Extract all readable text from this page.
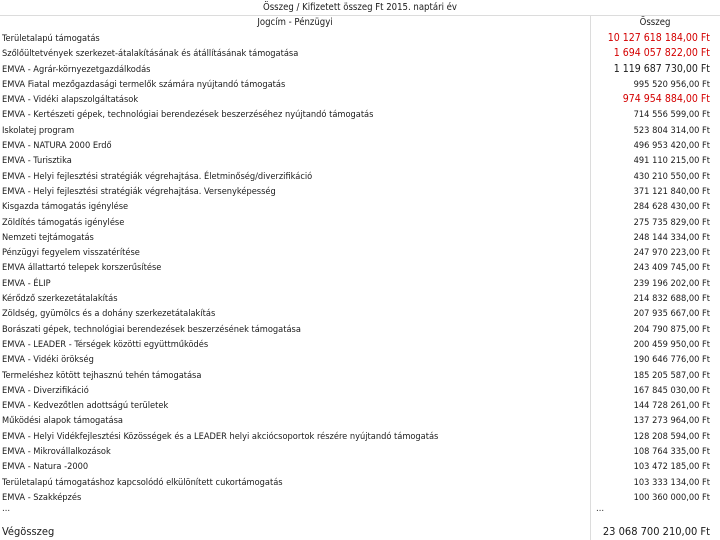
Összeg / Kifizetett összeg Ft 2015. naptári év
Jogcím - Pénzügyi	Összeg
Területalapú támogatás	10 127 618 184,00 Ft
Szőlőültetvények szerkezet-átalakításának és átállításának támogatása	1 694 057 822,00 Ft
EMVA - Agrár-környezetgazdálkodás	1 119 687 730,00 Ft
EMVA Fiatal mezőgazdasági termelők számára nyújtandó támogatás	995 520 956,00 Ft
EMVA - Vidéki alapszolgáltatások	974 954 884,00 Ft
EMVA - Kertészeti gépek, technológiai berendezések beszerzéséhez nyújtandó támogatás	714 556 599,00 Ft
Iskolatej program	523 804 314,00 Ft
EMVA - NATURA 2000 Erdő	496 953 420,00 Ft
EMVA - Turisztika	491 110 215,00 Ft
EMVA - Helyi fejlesztési stratégiák végrehajtása. Életminőség/diverzifikáció	430 210 550,00 Ft
EMVA - Helyi fejlesztési stratégiák végrehajtása. Versenyképesség	371 121 840,00 Ft
Kisgazda támogatás igénylése	284 628 430,00 Ft
Zöldítés támogatás igénylése	275 735 829,00 Ft
Nemzeti tejtámogatás	248 144 334,00 Ft
Pénzügyi fegyelem visszatérítése	247 970 223,00 Ft
EMVA állattartó telepek korszerűsítése	243 409 745,00 Ft
EMVA - ÉLIP	239 196 202,00 Ft
Kérődző szerkezetátalakítás	214 832 688,00 Ft
Zöldség, gyümölcs és a dohány szerkezetátalakítás	207 935 667,00 Ft
Borászati gépek, technológiai berendezések beszerzésének támogatása	204 790 875,00 Ft
EMVA - LEADER - Térségek közötti együttműködés	200 459 950,00 Ft
EMVA - Vidéki örökség	190 646 776,00 Ft
Termeléshez kötött tejhasznú tehén támogatása	185 205 587,00 Ft
EMVA - Diverzifikáció	167 845 030,00 Ft
EMVA - Kedvezőtlen adottságú területek	144 728 261,00 Ft
Működési alapok támogatása	137 273 964,00 Ft
EMVA - Helyi Vidékfejlesztési Közösségek és a LEADER helyi akciócsoportok részére nyújtandó támogatás	128 208 594,00 Ft
EMVA - Mikrovállalkozások	108 764 335,00 Ft
EMVA - Natura -2000	103 472 185,00 Ft
Területalapú támogatáshoz kapcsolódó elkülönített cukortámogatás	103 333 134,00 Ft
EMVA - Szakképzés	100 360 000,00 Ft
…	…
Végösszeg	23 068 700 210,00 Ft
